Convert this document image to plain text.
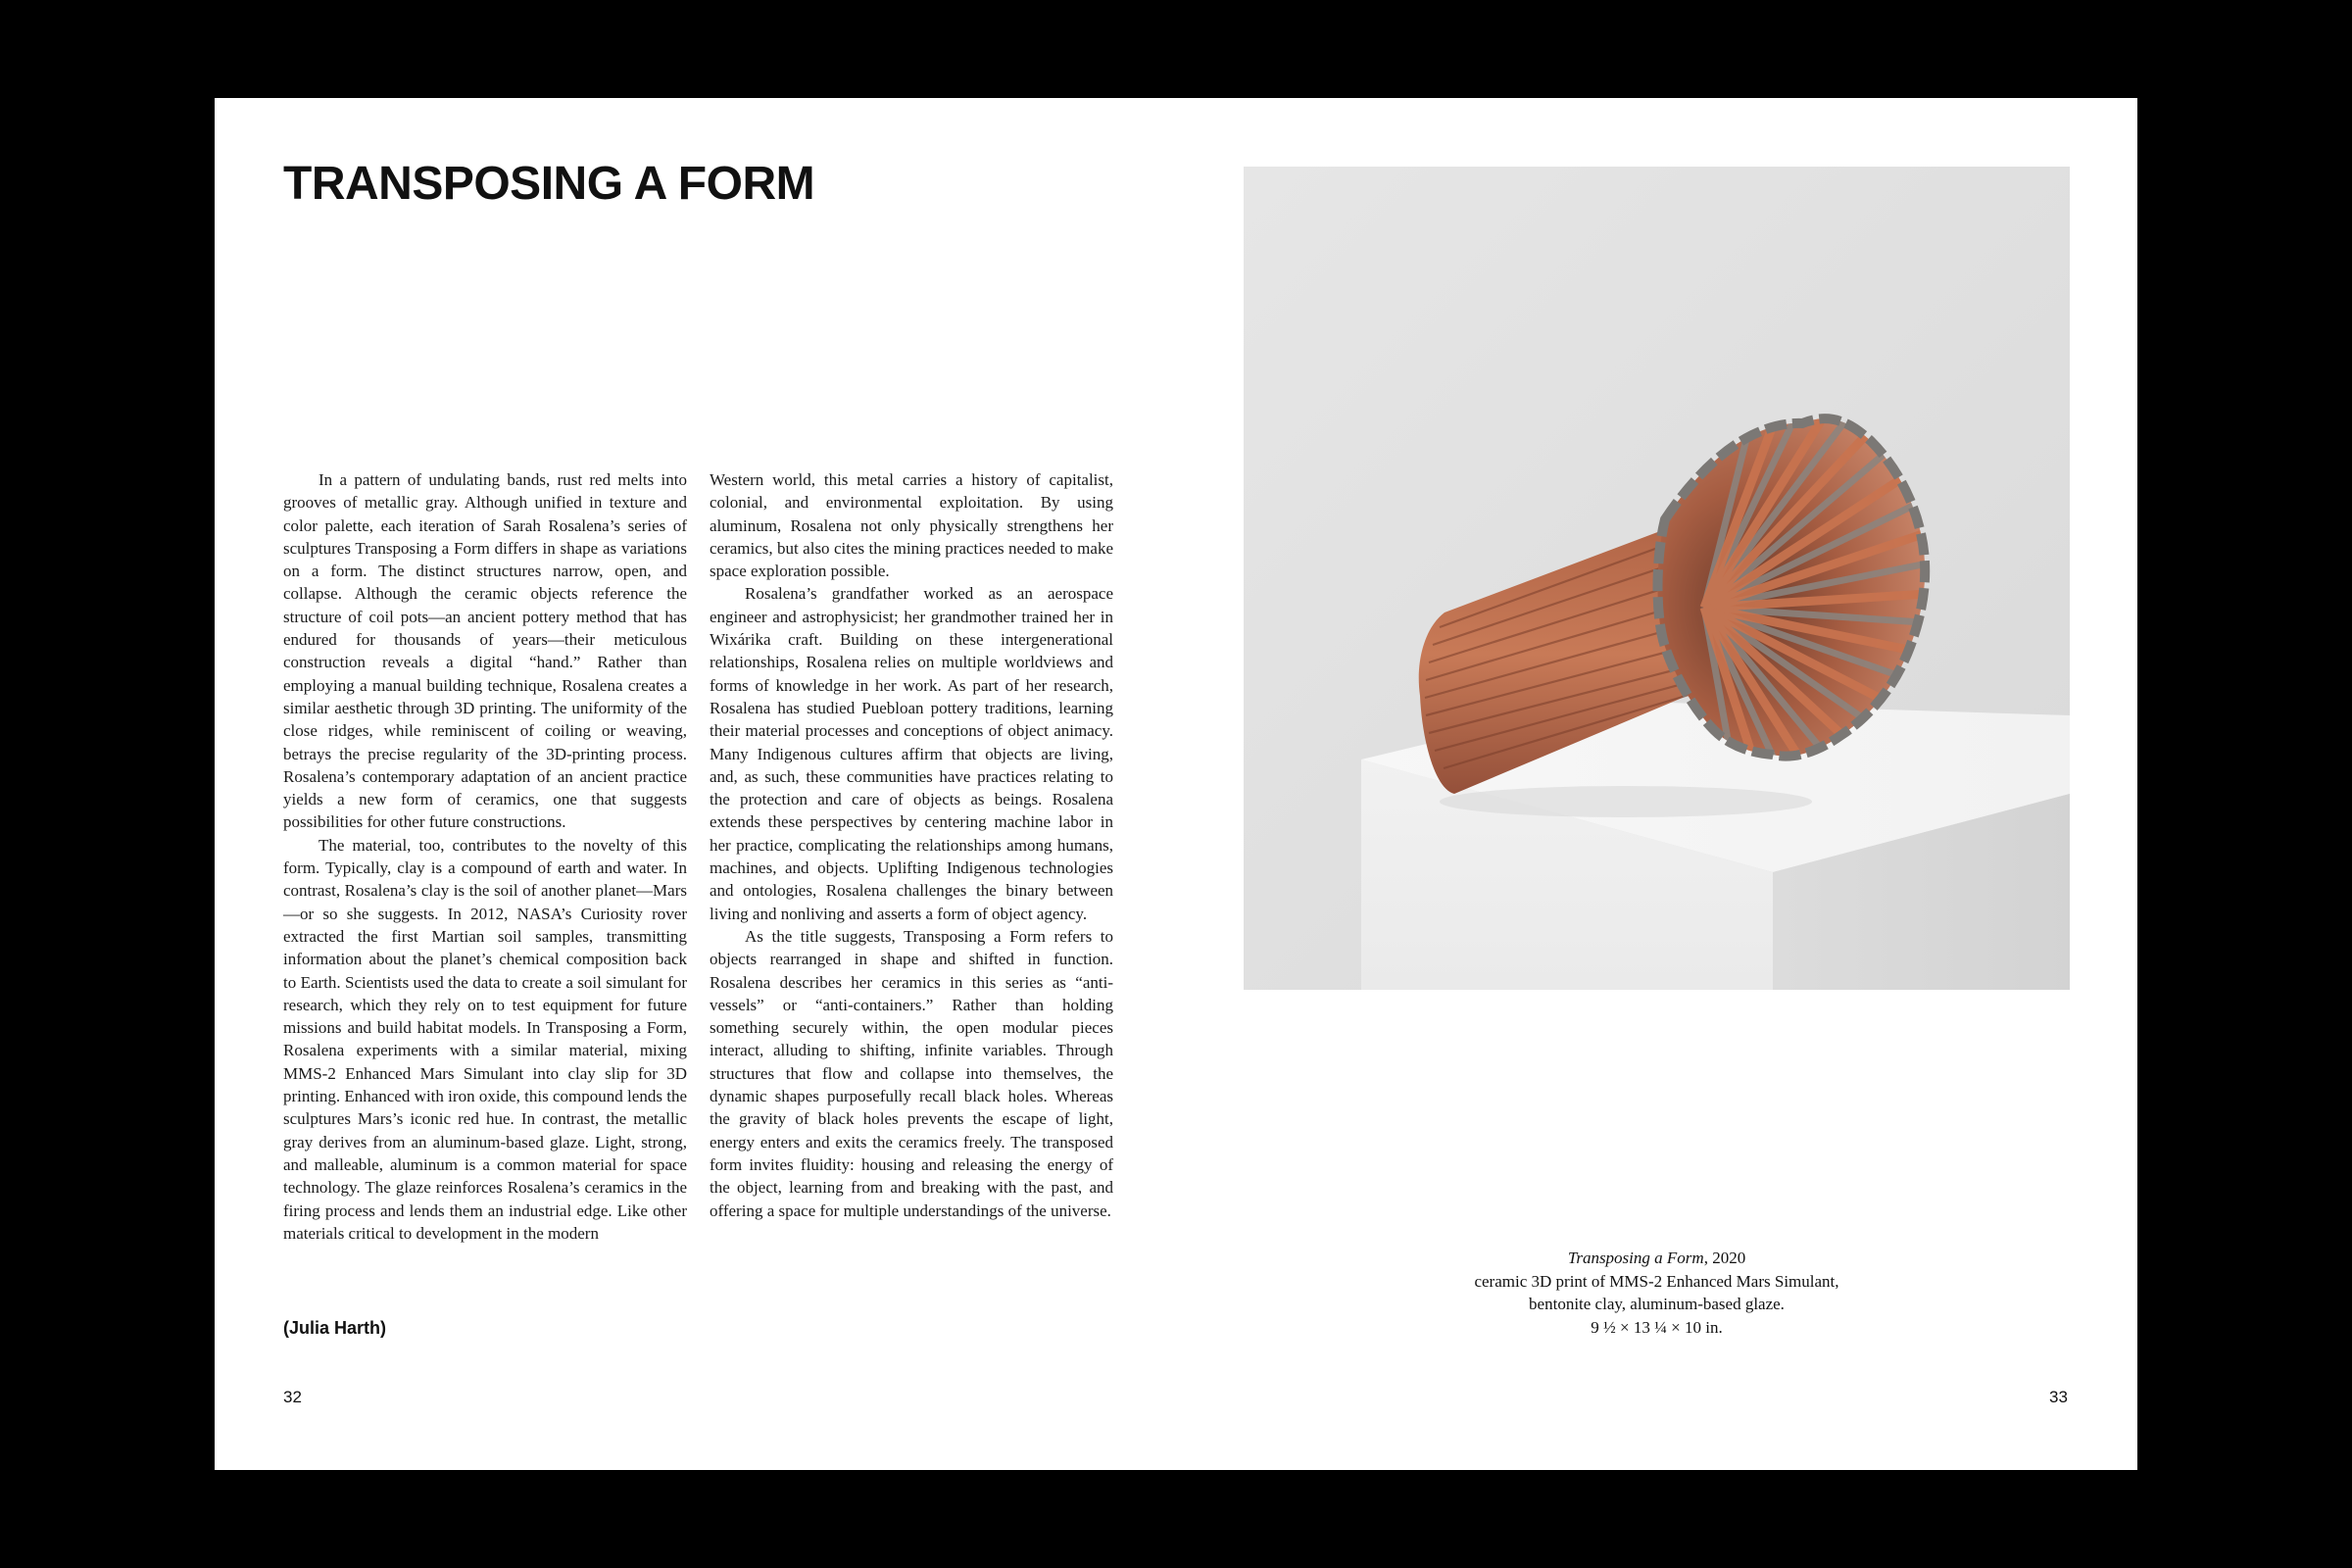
TRANSPOSING A FORM

In a pattern of undulating bands, rust red melts into grooves of metallic gray. Although unified in texture and color palette, each iteration of Sarah Rosalena’s series of sculptures Transposing a Form differs in shape as variations on a form. The distinct structures narrow, open, and collapse. Although the ceramic objects reference the structure of coil pots—an ancient pottery method that has endured for thousands of years—their meticulous construction reveals a digital “hand.” Rather than employing a manual building technique, Rosalena creates a similar aesthetic through 3D printing. The uniformity of the close ridges, while reminiscent of coiling or weaving, betrays the precise regularity of the 3D-printing process. Rosalena’s contemporary adaptation of an ancient practice yields a new form of ceramics, one that suggests possibilities for other future constructions.

The material, too, contributes to the novelty of this form. Typically, clay is a compound of earth and water. In contrast, Rosalena’s clay is the soil of another planet—Mars—or so she suggests. In 2012, NASA’s Curiosity rover extracted the first Martian soil samples, transmitting information about the planet’s chemical composition back to Earth. Scientists used the data to create a soil simulant for research, which they rely on to test equipment for future missions and build habitat models. In Transposing a Form, Rosalena experiments with a similar material, mixing MMS-2 Enhanced Mars Simulant into clay slip for 3D printing. Enhanced with iron oxide, this compound lends the sculptures Mars’s iconic red hue. In contrast, the metallic gray derives from an aluminum-based glaze. Light, strong, and malleable, aluminum is a common material for space technology. The glaze reinforces Rosalena’s ceramics in the firing process and lends them an industrial edge. Like other materials critical to development in the modern

Western world, this metal carries a history of capitalist, colonial, and environmental exploitation. By using aluminum, Rosalena not only physically strengthens her ceramics, but also cites the mining practices needed to make space exploration possible.

Rosalena’s grandfather worked as an aerospace engineer and astrophysicist; her grandmother trained her in Wixárika craft. Building on these intergenerational relationships, Rosalena relies on multiple worldviews and forms of knowledge in her work. As part of her research, Rosalena has studied Puebloan pottery traditions, learning their material processes and conceptions of object animacy. Many Indigenous cultures affirm that objects are living, and, as such, these communities have practices relating to the protection and care of objects as beings. Rosalena extends these perspectives by centering machine labor in her practice, complicating the relationships among humans, machines, and objects. Uplifting Indigenous technologies and ontologies, Rosalena challenges the binary between living and nonliving and asserts a form of object agency.

As the title suggests, Transposing a Form refers to objects rearranged in shape and shifted in function. Rosalena describes her ceramics in this series as “anti-vessels” or “anti-containers.” Rather than holding something securely within, the open modular pieces interact, alluding to shifting, infinite variables. Through structures that flow and collapse into themselves, the dynamic shapes purposefully recall black holes. Whereas the gravity of black holes prevents the escape of light, energy enters and exits the ceramics freely. The transposed form invites fluidity: housing and releasing the energy of the object, learning from and breaking with the past, and offering a space for multiple understandings of the universe.

(Julia Harth)
32	33
Transposing a Form, 2020
ceramic 3D print of MMS-2 Enhanced Mars Simulant,
bentonite clay, aluminum-based glaze.
9 ½ × 13 ¼ × 10 in.
